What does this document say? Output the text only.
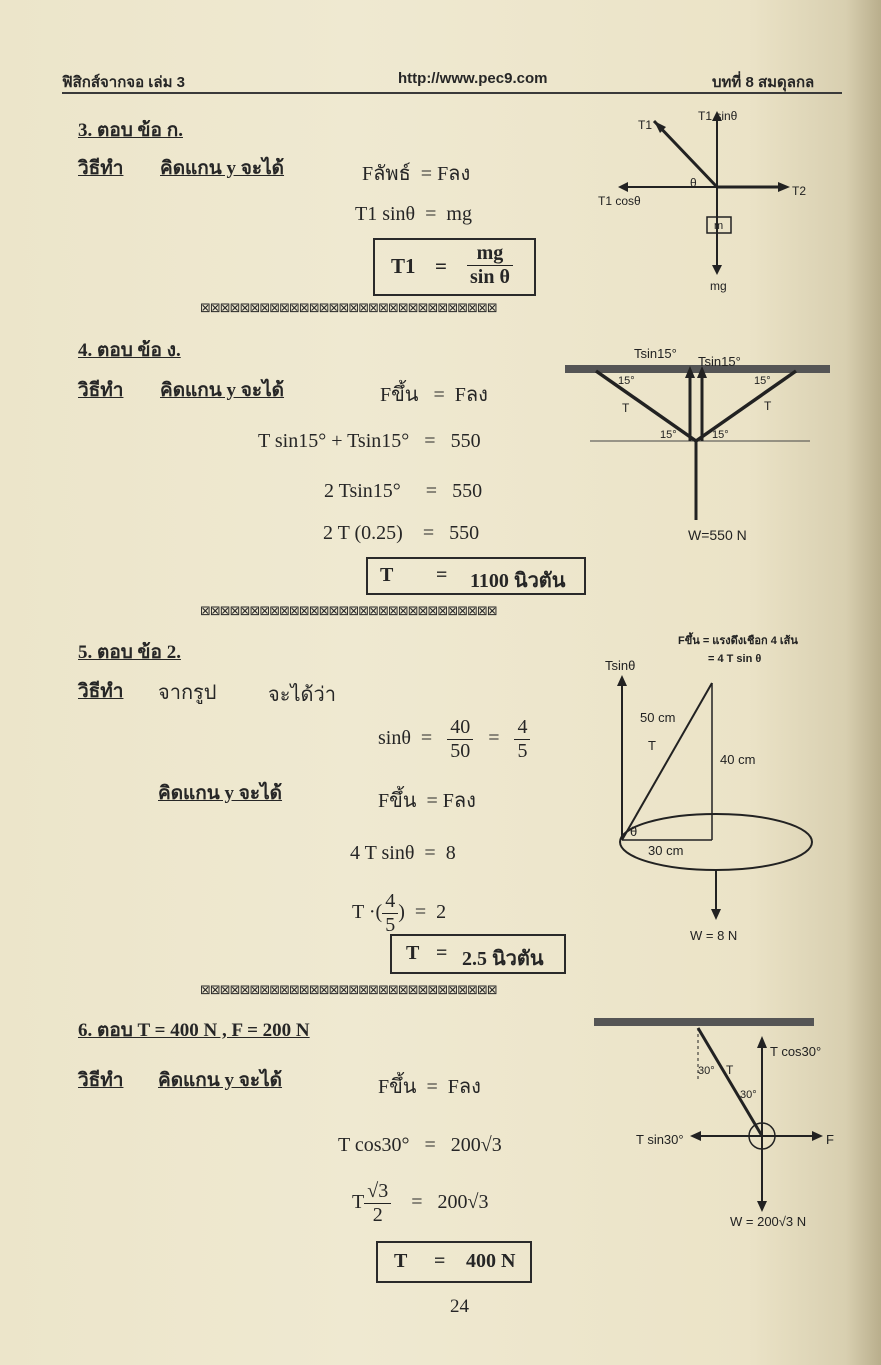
ฟิสิกส์จากจอ เล่ม 3	http://www.pec9.com	บทที่ 8 สมดุลกล
3. ตอบ ข้อ ก.
วิธีทำ คิดแกน y จะได้	Fลัพธ์  = Fลง
T1 sinθ  =  mg
$T1 = \frac{mg}{\text{sin θ}}$
T1
T1 sinθ
θ
T2
T1 cosθ
m
mg
⊠⊠⊠⊠⊠⊠⊠⊠⊠⊠⊠⊠⊠⊠⊠⊠⊠⊠⊠⊠⊠⊠⊠⊠⊠⊠⊠⊠⊠⊠
4. ตอบ ข้อ ง.
วิธีทำ คิดแกน y จะได้	Fขึ้น   =  Fลง
T sin15° + Tsin15°   =   550
2 Tsin15°     =   550
2 T (0.25)    =   550
T = 1100 นิวตัน
Tsin15°
Tsin15°
15°	15°
15°	15°
T	T
W=550 N
⊠⊠⊠⊠⊠⊠⊠⊠⊠⊠⊠⊠⊠⊠⊠⊠⊠⊠⊠⊠⊠⊠⊠⊠⊠⊠⊠⊠⊠⊠
5. ตอบ ข้อ 2.
วิธีทำ จากรูป	จะได้ว่า
$\sin\theta = \frac{40}{50} = \frac{4}{5}$
คิดแกน y จะได้	Fขึ้น  = Fลง
4 T sinθ  =  8
T ·( $\frac{4}{5}$ )  =  2
T = 2.5 นิวตัน
Fขึ้น = แรงดึงเชือก 4 เส้น
= 4 T sin θ
Tsinθ
50 cm
T
40 cm
θ
30 cm
W = 8 N
⊠⊠⊠⊠⊠⊠⊠⊠⊠⊠⊠⊠⊠⊠⊠⊠⊠⊠⊠⊠⊠⊠⊠⊠⊠⊠⊠⊠⊠⊠
6. ตอบ T = 400 N , F = 200 N
วิธีทำ คิดแกน y จะได้	Fขึ้น  =  Fลง
T cos30°   =   200√3
T $\frac{√3}{2} = 200√3$
T = 400 N
T cos30°
30°
30°
T
T sin30°	F
W = 200√3 N
24
